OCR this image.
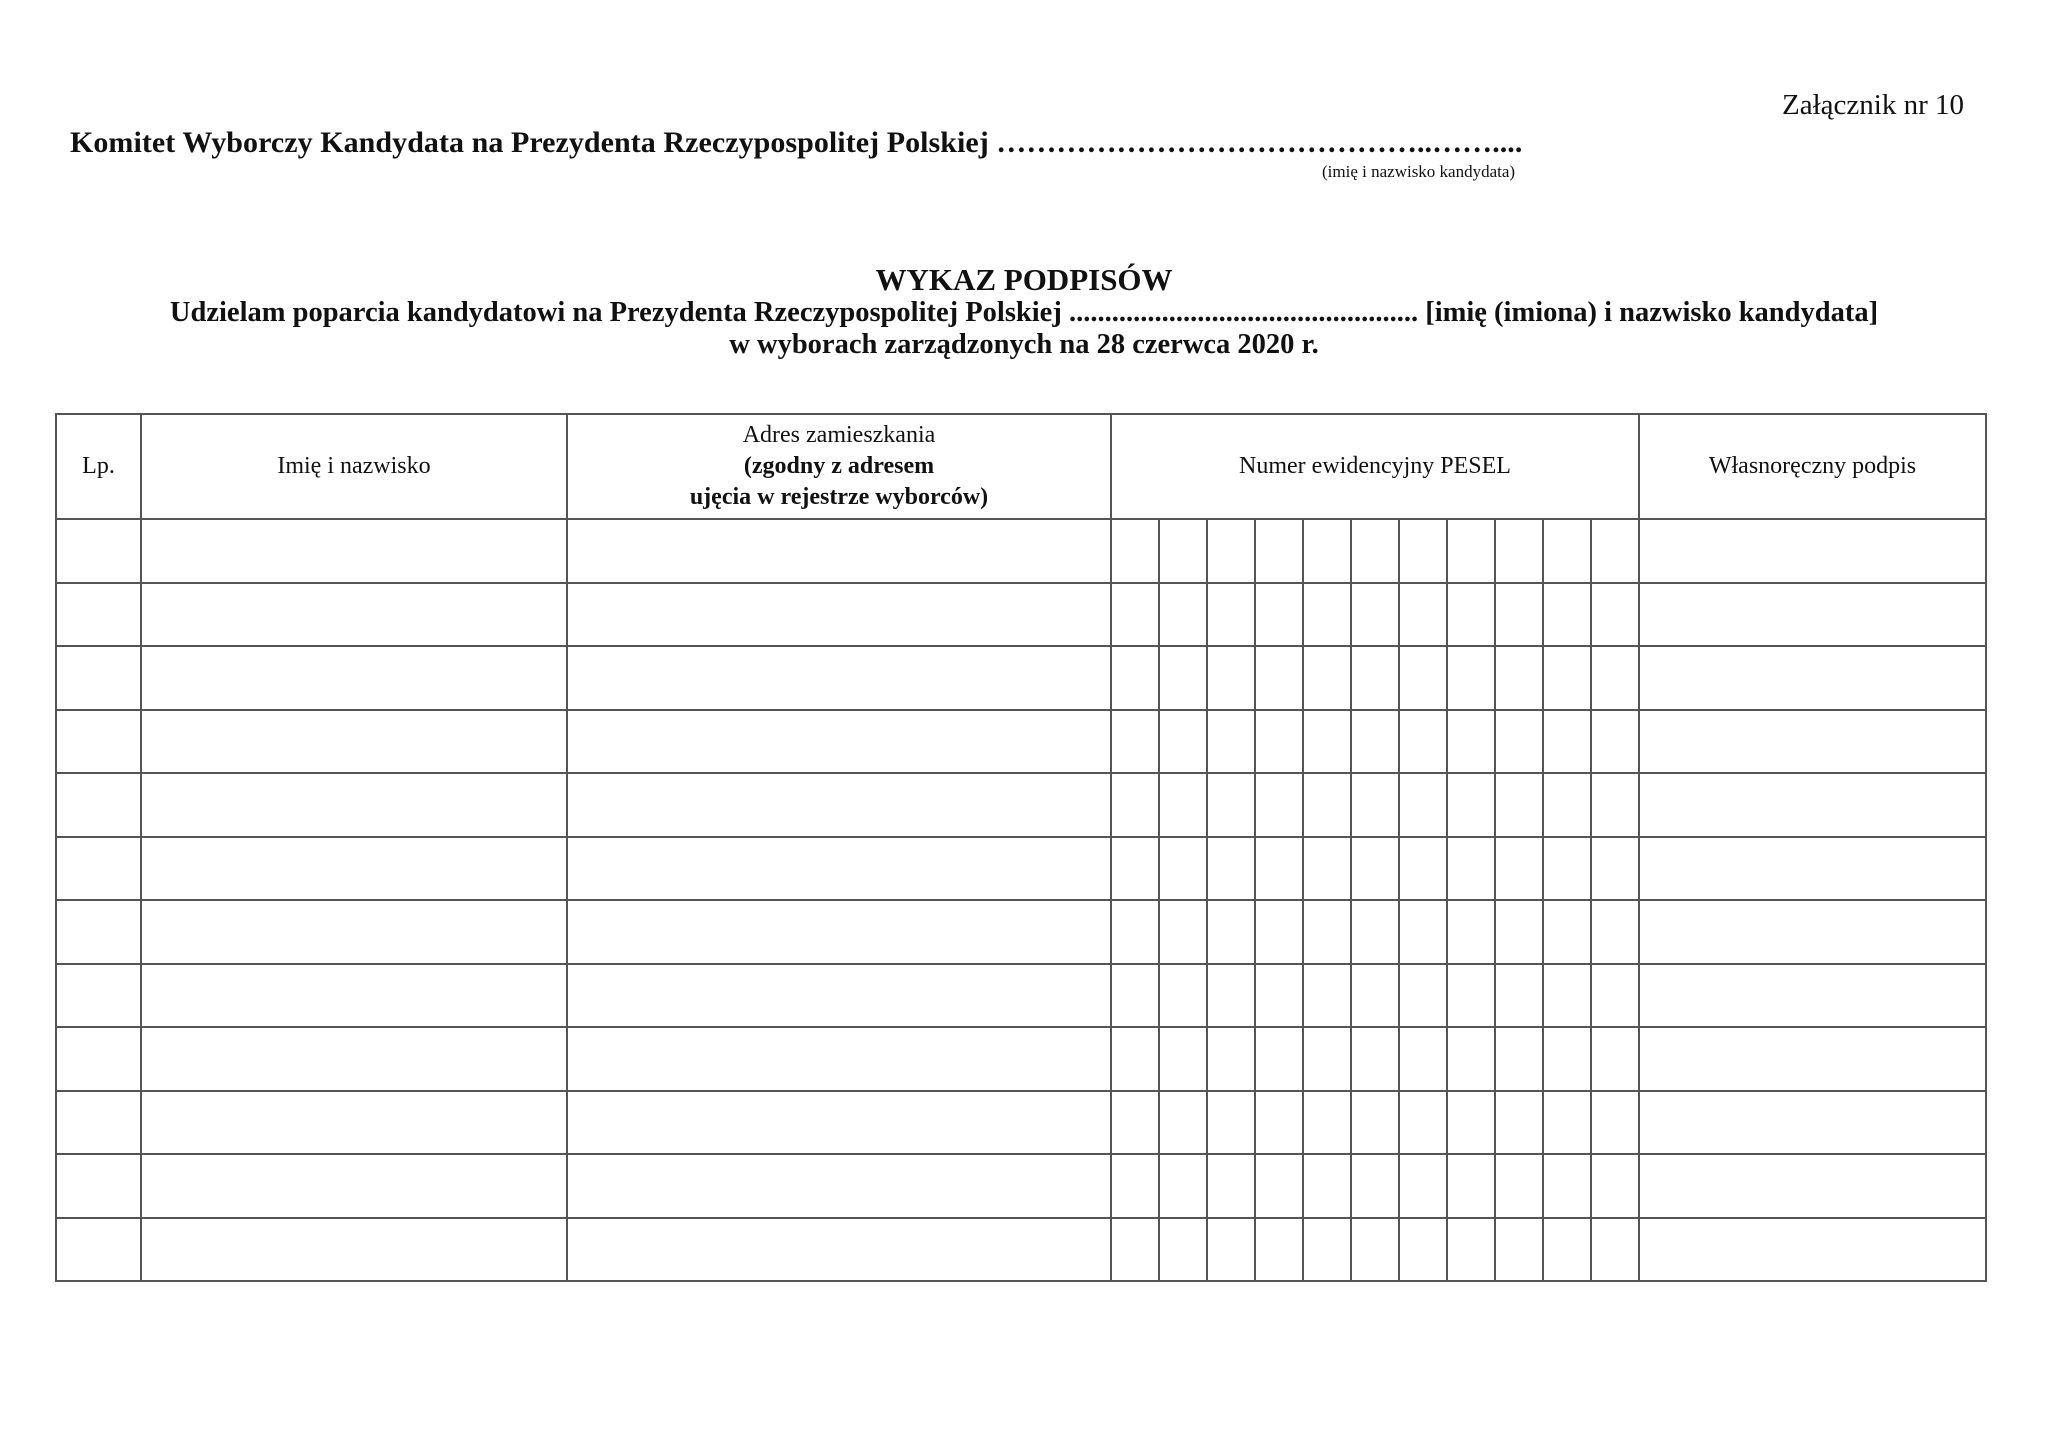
Załącznik nr 10
Komitet Wyborczy Kandydata na Prezydenta Rzeczypospolitej Polskiej ……………………………………..……....
(imię i nazwisko kandydata)
WYKAZ PODPISÓW
Udzielam poparcia kandydatowi na Prezydenta Rzeczypospolitej Polskiej ................................................. [imię (imiona) i nazwisko kandydata]
w wyborach zarządzonych na 28 czerwca 2020 r.
Lp.	Imię i nazwisko	Adres zamieszkania
(zgodny z adresem
ujęcia w rejestrze wyborców)	Numer ewidencyjny PESEL											Własnoręczny podpis
